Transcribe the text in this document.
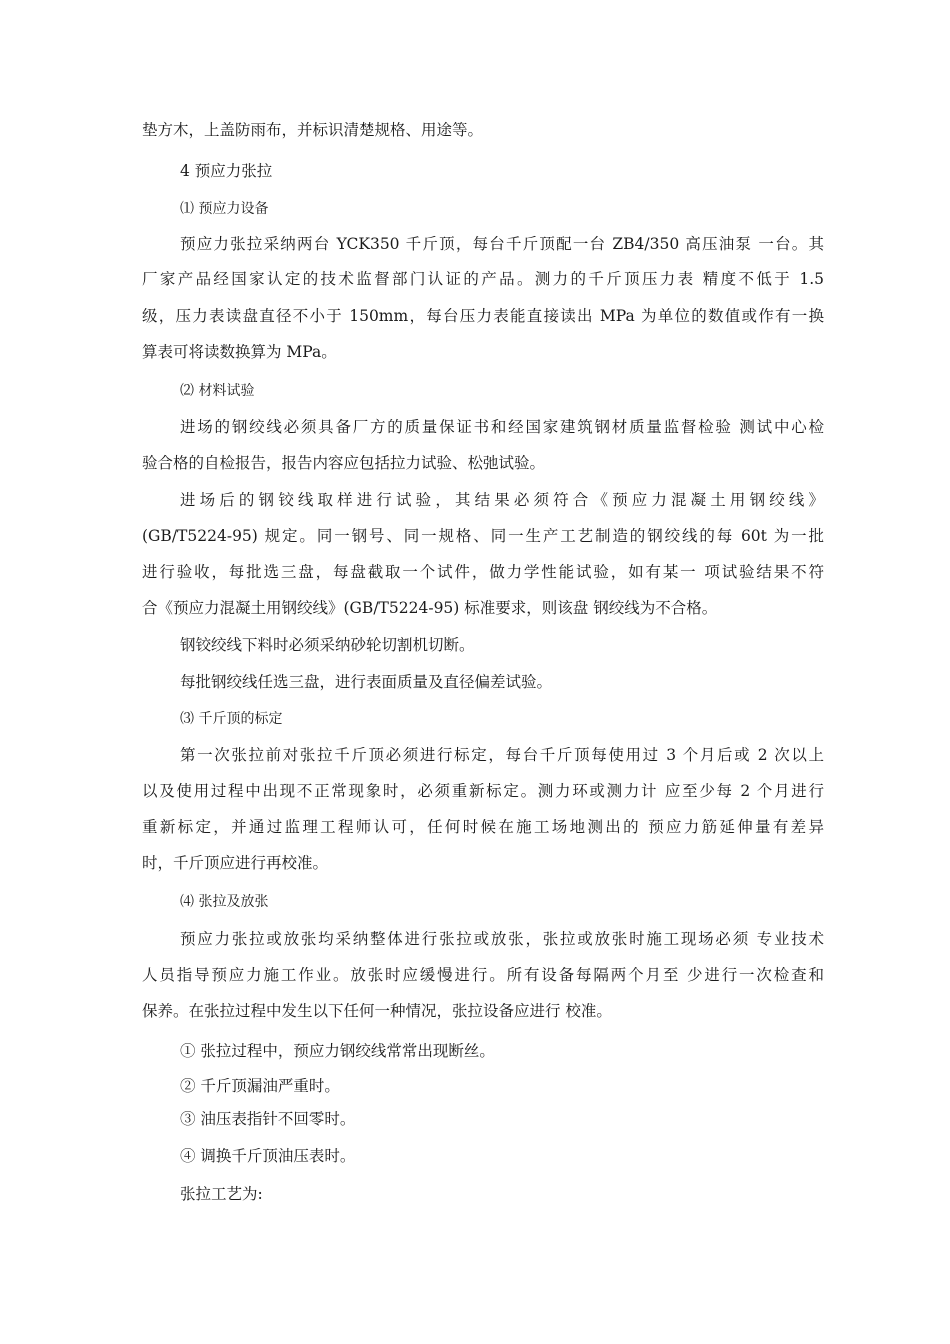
垫方木，上盖防雨布，并标识清楚规格、用途等。
4 预应力张拉
⑴ 预应力设备
预应力张拉采纳两台 YCK350 千斤顶，每台千斤顶配一台 ZB4/350 高压油泵 一台。其
厂家产品经国家认定的技术监督部门认证的产品。测力的千斤顶压力表 精度不低于 1.5
级，压力表读盘直径不小于 150mm，每台压力表能直接读出 MPa 为单位的数值或作有一换
算表可将读数换算为 MPa。
⑵ 材料试验
进场的钢绞线必须具备厂方的质量保证书和经国家建筑钢材质量监督检验 测试中心检
验合格的自检报告，报告内容应包括拉力试验、松弛试验。
进场后的钢铰线取样进行试验，其结果必须符合《预应力混凝土用钢绞线》
(GB/T5224-95) 规定。同一钢号、同一规格、同一生产工艺制造的钢绞线的每 60t 为一批
进行验收，每批选三盘，每盘截取一个试件，做力学性能试验，如有某一 项试验结果不符
合《预应力混凝土用钢绞线》(GB/T5224-95) 标准要求，则该盘 钢绞线为不合格。
钢铰绞线下料时必须采纳砂轮切割机切断。
每批钢绞线任选三盘，进行表面质量及直径偏差试验。
⑶ 千斤顶的标定
第一次张拉前对张拉千斤顶必须进行标定，每台千斤顶每使用过 3 个月后或 2 次以上
以及使用过程中出现不正常现象时，必须重新标定。测力环或测力计 应至少每 2 个月进行
重新标定，并通过监理工程师认可，任何时候在施工场地测出的 预应力筋延伸量有差异
时，千斤顶应进行再校准。
⑷ 张拉及放张
预应力张拉或放张均采纳整体进行张拉或放张，张拉或放张时施工现场必须 专业技术
人员指导预应力施工作业。放张时应缓慢进行。所有设备每隔两个月至 少进行一次检查和
保养。在张拉过程中发生以下任何一种情况，张拉设备应进行 校准。
① 张拉过程中，预应力钢绞线常常出现断丝。
② 千斤顶漏油严重时。
③ 油压表指针不回零时。
④ 调换千斤顶油压表时。
张拉工艺为:
